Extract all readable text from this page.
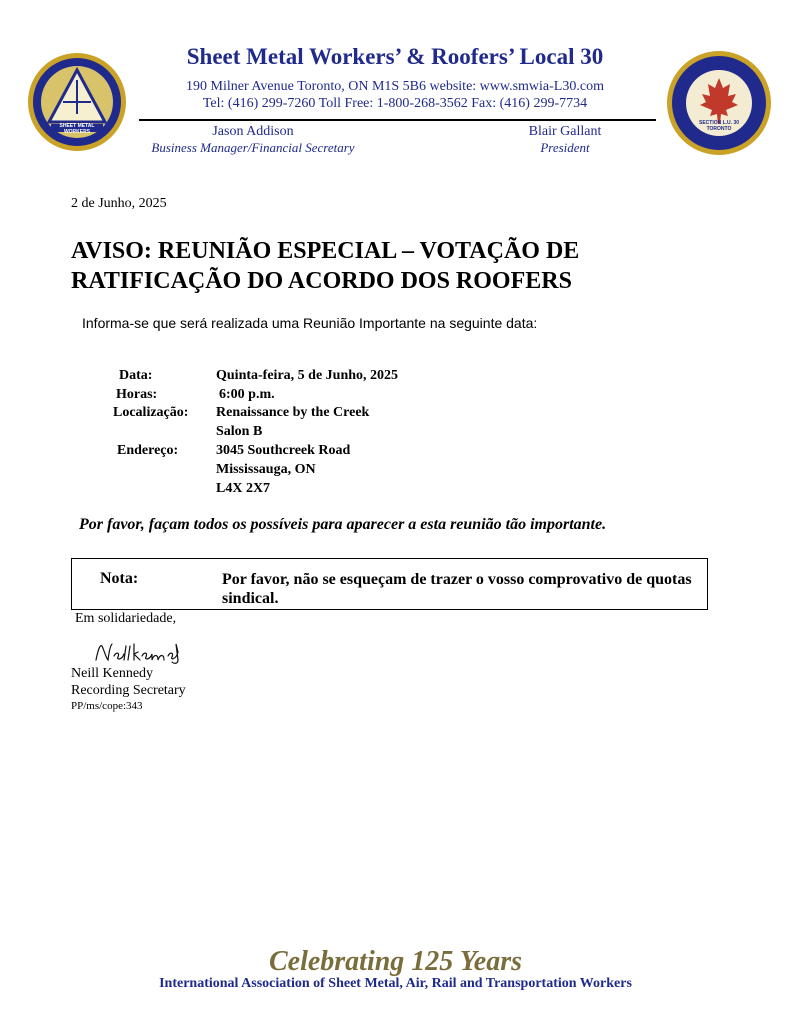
SHEET METAL WORKERS
Sheet Metal Workers’ & Roofers’ Local 30
190 Milner Avenue Toronto, ON M1S 5B6 website: www.smwia-L30.com
Tel: (416) 299-7260 Toll Free: 1-800-268-3562 Fax: (416) 299-7734
Jason Addison
Business Manager/Financial Secretary
Blair Gallant
President
SECTION L.U. 30 TORONTO
2 de Junho, 2025
AVISO: REUNIÃO ESPECIAL – VOTAÇÃO DE
RATIFICAÇÃO DO ACORDO DOS ROOFERS
Informa-se que será realizada uma Reunião Importante na seguinte data:
Data:	Quinta-feira, 5 de Junho, 2025
Horas:	6:00 p.m.
Localização: Renaissance by the Creek
Salon B
Endereço:	3045 Southcreek Road
Mississauga, ON
L4X 2X7
Por favor, façam todos os possíveis para aparecer a esta reunião tão importante.
Nota:	Por favor, não se esqueçam de trazer o vosso comprovativo de quotas sindical.
Em solidariedade,
Neill Kennedy
Recording Secretary
PP/ms/cope:343
Celebrating 125 Years
International Association of Sheet Metal, Air, Rail and Transportation Workers
